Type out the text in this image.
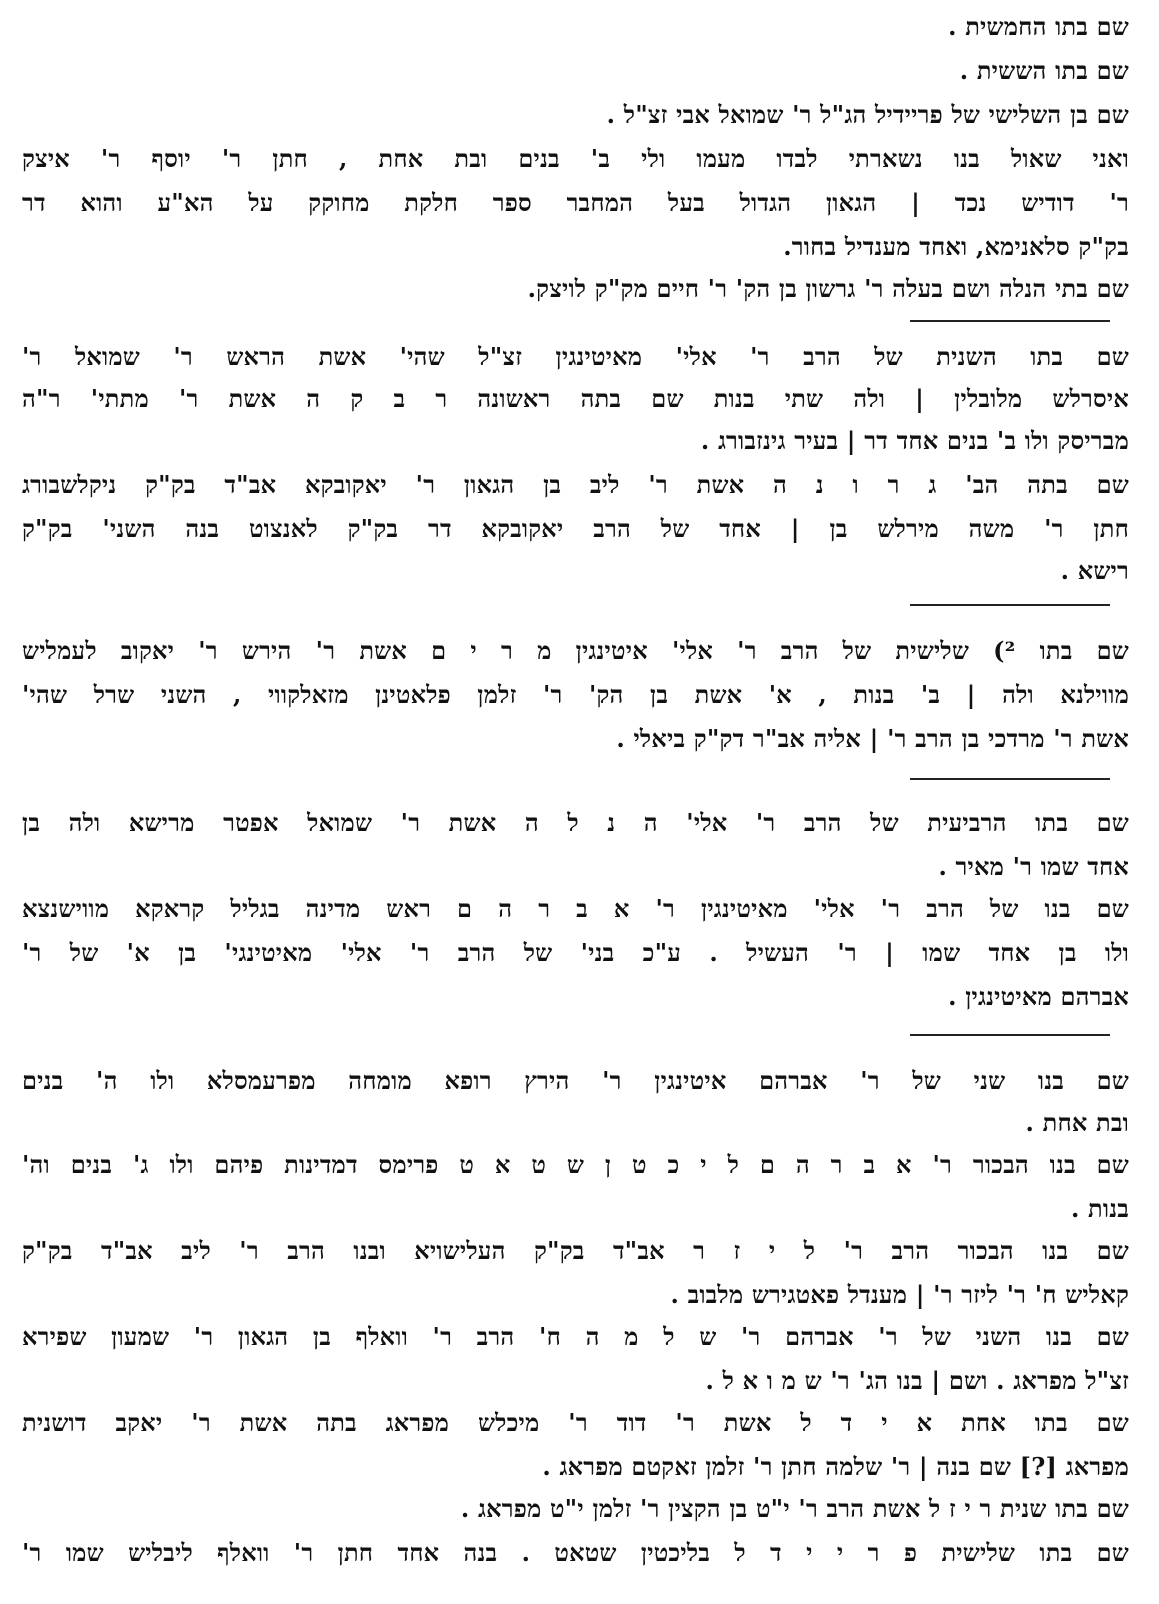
שם בתו החמשית .
שם בתו הששית .
שם בן השלישי של פריידיל הג"ל ר' שמואל אבי זצ"ל .
ואני שאול בנו נשארתי לבדו מעמו ולי ב' בנים ובת אחת , חתן ר' יוסף ר' איצק
ר' דודיש נכד | הגאון הגדול בעל המחבר ספר חלקת מחוקק על הא"ע והוא דר
בק"ק סלאנימא, ואחד מענדיל בחור.
שם בתי הנלה ושם בעלה ר' גרשון בן הק' ר' חיים מק"ק לויצק.
שם בתו השנית של הרב ר' אלי' מאיטינגין זצ"ל שהי' אשת הראש ר' שמואל ר'
איסרלש מלובלין | ולה שתי בנות שם בתה ראשונה ר ב ק ה אשת ר' מתתי' ר"ה
מבריסק ולו ב' בנים אחד דר | בעיר גינזבורג .
שם בתה הב' ג ר ו נ ה אשת ר' ליב בן הגאון ר' יאקובקא אב"ד בק"ק ניקלשבורג
חתן ר' משה מירלש בן | אחד של הרב יאקובקא דר בק"ק לאנצוט בנה השני' בק"ק
רישא .
שם בתו ²) שלישית של הרב ר' אלי' איטינגין מ ר י ם אשת ר' הירש ר' יאקוב לעמליש
מווילנא ולה | ב' בנות , א' אשת בן הק' ר' זלמן פלאטינן מזאלקווי , השני שרל שהי'
אשת ר' מרדכי בן הרב ר' | אליה אב"ר דק"ק ביאלי .
שם בתו הרביעית של הרב ר' אלי' ה נ ל ה אשת ר' שמואל אפטר מרישא ולה בן
אחד שמו ר' מאיר .
שם בנו של הרב ר' אלי' מאיטינגין ר' א ב ר ה ם ראש מדינה בגליל קראקא מווישנצא
ולו בן אחד שמו | ר' העשיל . ע"כ בני' של הרב ר' אלי' מאיטינגי' בן א' של ר'
אברהם מאיטינגין .
שם בנו שני של ר' אברהם איטינגין ר' הירץ רופא מומחה מפרעמסלא ולו ה' בנים
ובת אחת .
שם בנו הבכור ר' א ב ר ה ם ל י כ ט ן ש ט א ט פרימס דמדינות פיהם ולו ג' בנים וה'
בנות .
שם בנו הבכור הרב ר' ל י ז ר אב"ד בק"ק העלישויא ובנו הרב ר' ליב אב"ד בק"ק
קאליש ח' ר' ליזר ר' | מענדל פאטגירש מלבוב .
שם בנו השני של ר' אברהם ר' ש ל מ ה ח' הרב ר' וואלף בן הגאון ר' שמעון שפירא
זצ"ל מפראג . ושם | בנו הג' ר' ש מ ו א ל .
שם בתו אחת א י ד ל אשת ר' דוד ר' מיכלש מפראג בתה אשת ר' יאקב דושנית
מפראג [?] שם בנה | ר' שלמה חתן ר' זלמן זאקטם מפראג .
שם בתו שנית ר י ז ל אשת הרב ר' י"ט בן הקצין ר' זלמן י"ט מפראג .
שם בתו שלישית פ ר י י ד ל בליכטין שטאט . בנה אחד חתן ר' וואלף ליבליש שמו ר'
